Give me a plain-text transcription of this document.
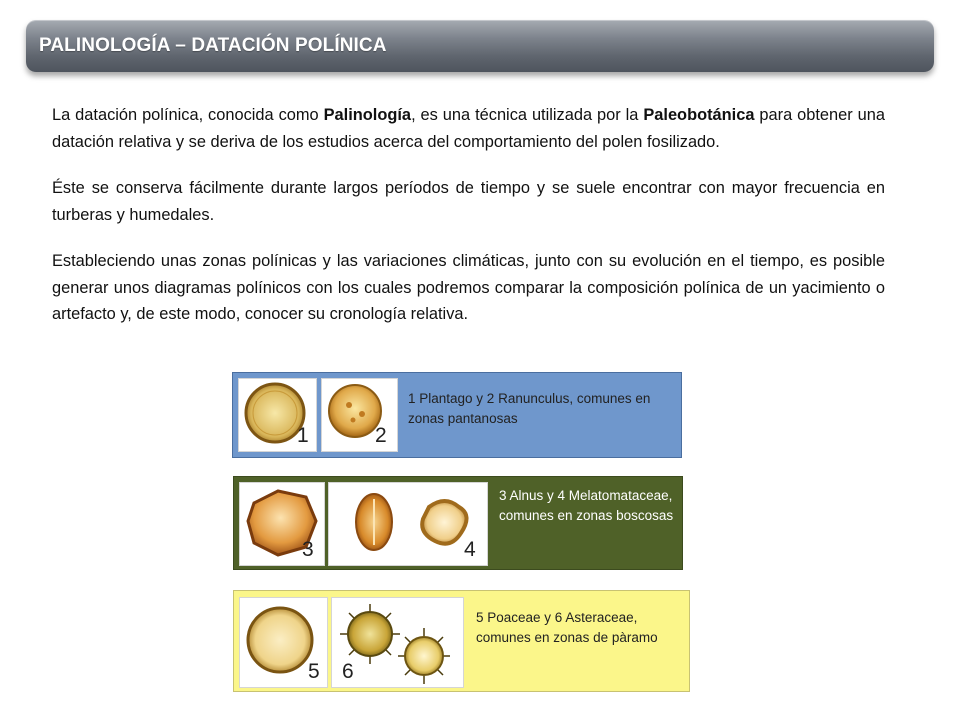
PALINOLOGÍA – DATACIÓN POLÍNICA

La datación polínica, conocida como Palinología, es una técnica utilizada por la Paleobotánica para obtener una datación relativa y se deriva de los estudios acerca del comportamiento del polen fosilizado.

Éste se conserva fácilmente durante largos períodos de tiempo y se suele encontrar con mayor frecuencia en turberas y humedales.

Estableciendo unas zonas polínicas y las variaciones climáticas, junto con su evolución en el tiempo, es posible generar unos diagramas polínicos con los cuales podremos comparar la composición polínica de un yacimiento o artefacto y, de este modo, conocer su cronología relativa.

1	2
1 Plantago y 2 Ranunculus, comunes en
zonas pantanosas
3	4
3 Alnus y 4 Melatomataceae,
comunes en zonas boscosas
5 6
5 Poaceae y 6 Asteraceae,
comunes en zonas de pàramo
